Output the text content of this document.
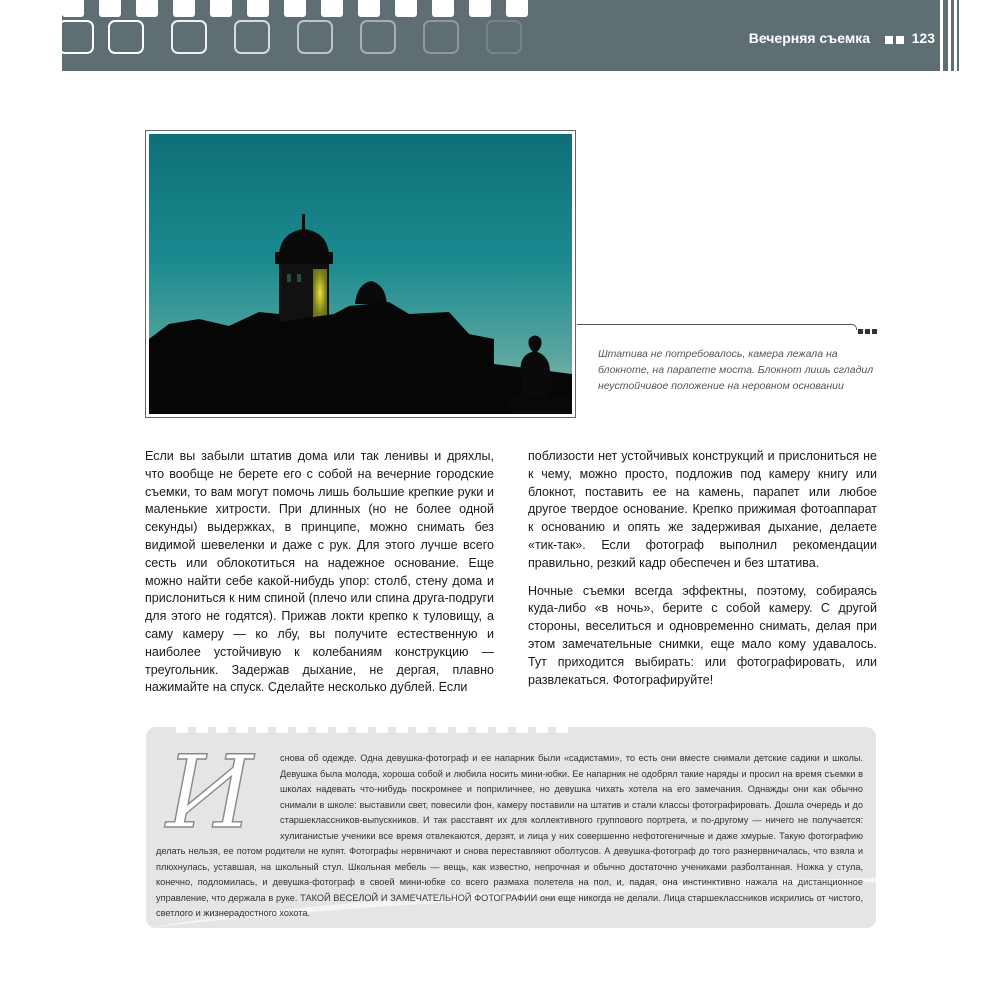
Вечерняя съемка	123

Штатива не потребовалось, камера лежала на блокноте, на парапете моста. Блокнот лишь сгладил неустойчивое положение на неровном основании

Если вы забыли штатив дома или так ленивы и дряхлы, что вообще не берете его с собой на вечерние городские съемки, то вам могут помочь лишь большие крепкие руки и маленькие хитрости. При длинных (но не более одной секунды) выдержках, в принципе, можно снимать без видимой шевеленки и даже с рук. Для этого лучше всего сесть или облокотиться на надежное основание. Еще можно найти себе какой-нибудь упор: столб, стену дома и прислониться к ним спиной (плечо или спина друга-подруги для этого не годятся). Прижав локти крепко к туловищу, а саму камеру — ко лбу, вы получите естественную и наиболее устойчивую к колебаниям конструкцию — треугольник. Задержав дыхание, не дергая, плавно нажимайте на спуск. Сделайте несколько дублей. Если

поблизости нет устойчивых конструкций и прислониться не к чему, можно просто, подложив под камеру книгу или блокнот, поставить ее на камень, парапет или любое другое твердое основание. Крепко прижимая фотоаппарат к основанию и опять же задерживая дыхание, делаете «тик-так». Если фотограф выполнил рекомендации правильно, резкий кадр обеспечен и без штатива.

Ночные съемки всегда эффектны, поэтому, собираясь куда-либо «в ночь», берите с собой камеру. С другой стороны, веселиться и одновременно снимать, делая при этом замечательные снимки, еще мало кому удавалось. Тут приходится выбирать: или фотографировать, или развлекаться. Фотографируйте!

И	снова об одежде. Одна девушка-фотограф и ее напарник были «садистами», то есть они вместе снимали детские садики и школы. Девушка была молода, хороша собой и любила носить мини-юбки. Ее напарник не одобрял такие наряды и просил на время съемки в школах надевать что-нибудь поскромнее и поприличнее, но девушка чихать хотела на его замечания. Однажды они как обычно снимали в школе: выставили свет, повесили фон, камеру поставили на штатив и стали классы фотографировать. Дошла очередь и до старшеклассников-выпускников. И так расставят их для коллективного группового портрета, и по-другому — ничего не получается: хулиганистые ученики все время отвлекаются, дерзят, и лица у них совершенно нефотогеничные и даже хмурые. Такую фотографию делать нельзя, ее потом родители не купят. Фотографы нервничают и снова переставляют оболтусов. А девушка-фотограф до того разнервничалась, что взяла и плюхнулась, уставшая, на школьный стул. Школьная мебель — вещь, как известно, непрочная и обычно достаточно учениками разболтанная. Ножка у стула, конечно, подломилась, и девушка-фотограф в своей мини-юбке со всего размаха полетела на пол, и, падая, она инстинктивно нажала на дистанционное управление, что держала в руке. ТАКОЙ ВЕСЕЛОЙ И ЗАМЕЧАТЕЛЬНОЙ ФОТОГРАФИИ они еще никогда не делали. Лица старшеклассников искрились от чистого, светлого и жизнерадостного хохота.
